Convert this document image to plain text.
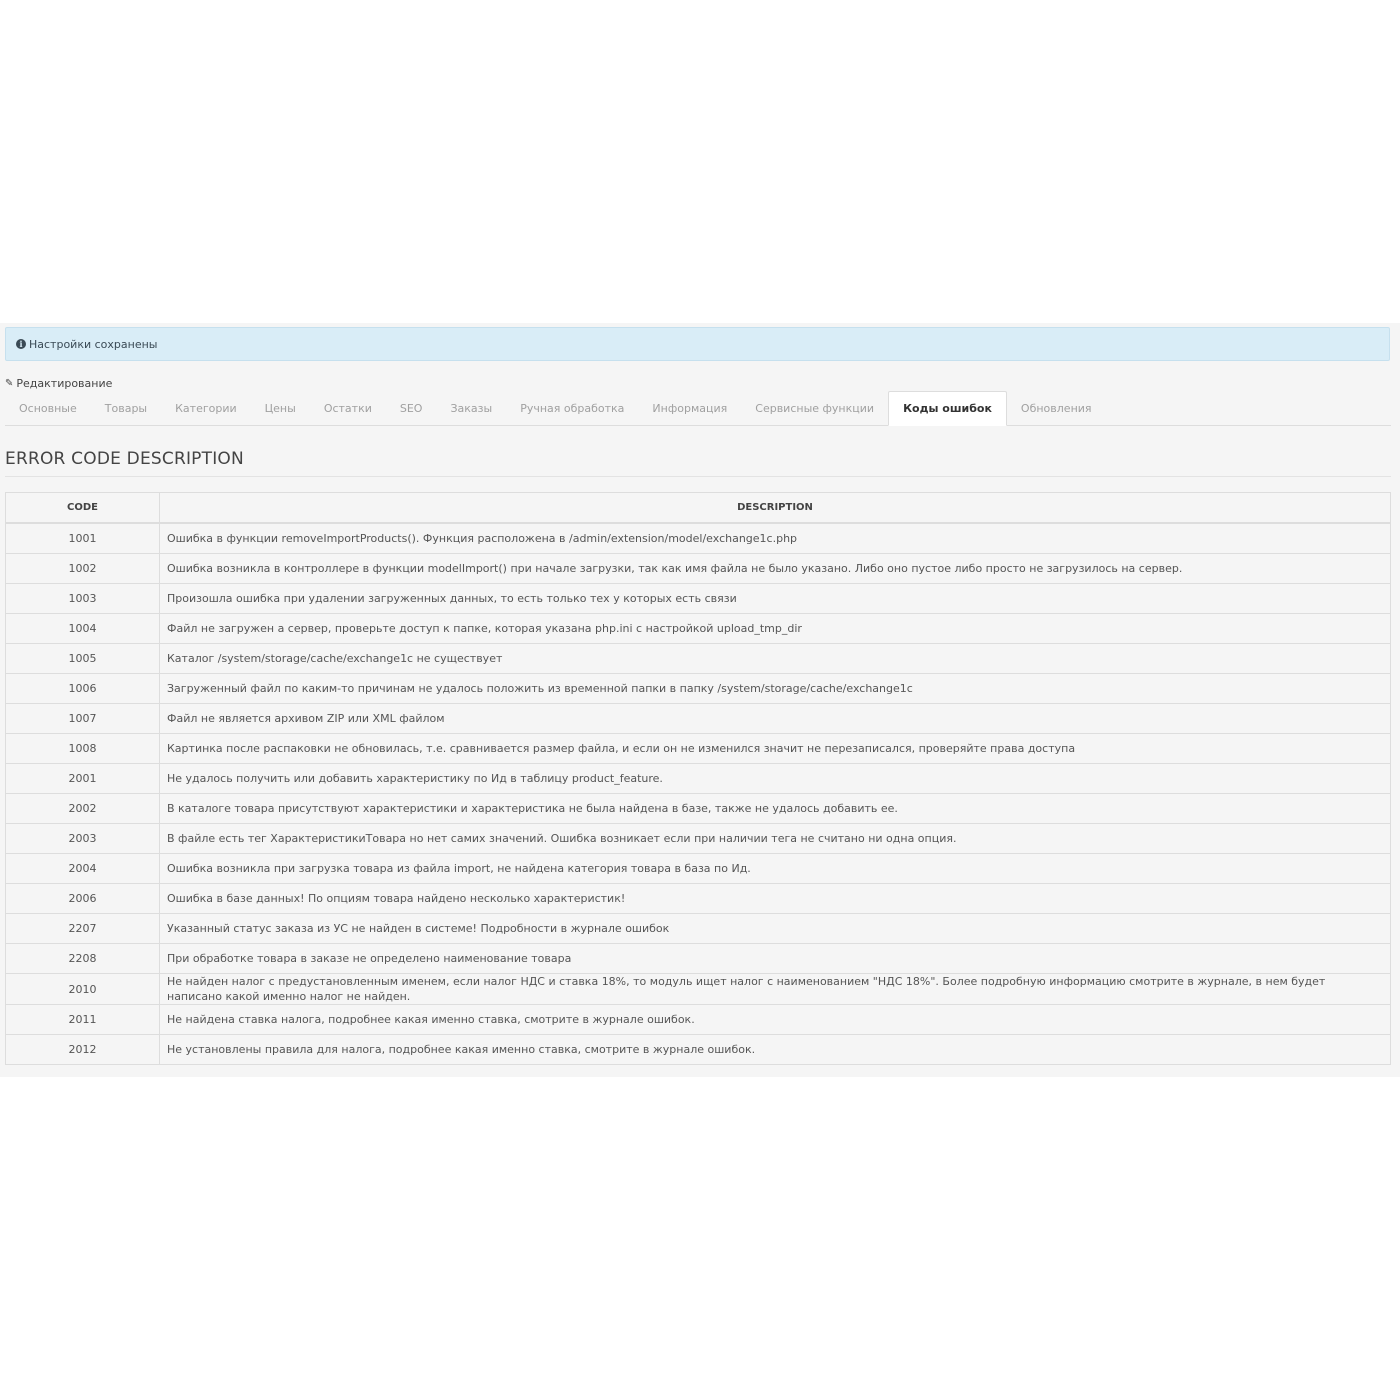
i Настройки сохранены
✎ Редактирование
Основные	Товары	Категории	Цены	Остатки	SEO	Заказы	Ручная обработка	Информация	Сервисные функции	Коды ошибок	Обновления
ERROR CODE DESCRIPTION
CODE	DESCRIPTION
1001	Ошибка в функции removeImportProducts(). Функция расположена в /admin/extension/model/exchange1c.php
1002	Ошибка возникла в контроллере в функции modelImport() при начале загрузки, так как имя файла не было указано. Либо оно пустое либо просто не загрузилось на сервер.
1003	Произошла ошибка при удалении загруженных данных, то есть только тех у которых есть связи
1004	Файл не загружен а сервер, проверьте доступ к папке, которая указана php.ini с настройкой upload_tmp_dir
1005	Каталог /system/storage/cache/exchange1c не существует
1006	Загруженный файл по каким-то причинам не удалось положить из временной папки в папку /system/storage/cache/exchange1c
1007	Файл не является архивом ZIP или XML файлом
1008	Картинка после распаковки не обновилась, т.е. сравнивается размер файла, и если он не изменился значит не перезаписался, проверяйте права доступа
2001	Не удалось получить или добавить характеристику по Ид в таблицу product_feature.
2002	В каталоге товара присутствуют характеристики и характеристика не была найдена в базе, также не удалось добавить ее.
2003	В файле есть тег ХарактеристикиТовара но нет самих значений. Ошибка возникает если при наличии тега не считано ни одна опция.
2004	Ошибка возникла при загрузка товара из файла import, не найдена категория товара в база по Ид.
2006	Ошибка в базе данных! По опциям товара найдено несколько характеристик!
2207	Указанный статус заказа из УС не найден в системе! Подробности в журнале ошибок
2208	При обработке товара в заказе не определено наименование товара
2010	Не найден налог с предустановленным именем, если налог НДС и ставка 18%, то модуль ищет налог с наименованием "НДС 18%". Более подробную информацию смотрите в журнале, в нем будет написано какой именно налог не найден.
2011	Не найдена ставка налога, подробнее какая именно ставка, смотрите в журнале ошибок.
2012	Не установлены правила для налога, подробнее какая именно ставка, смотрите в журнале ошибок.
